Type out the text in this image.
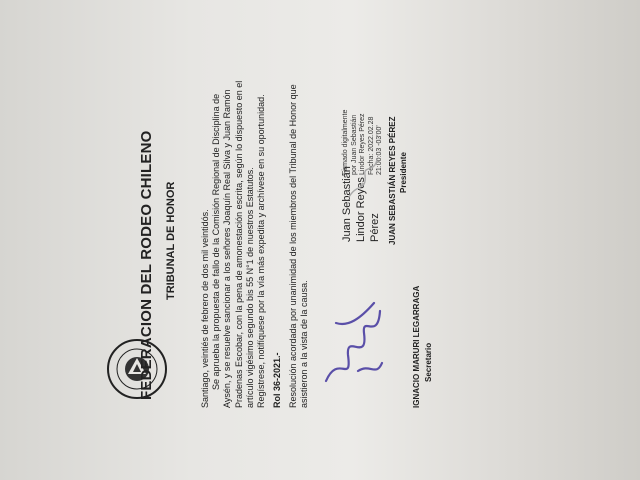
FEDERACION DEL RODEO CHILENO TRIBUNAL DE HONOR	Santiago, veintiés de febrero de dos mil veintidós. Se aprueba la propuesta de fallo de la Comisión Regional de Disciplina de Aysén, y se resuelve sancionar a los señores Joaquín Real Silva y Juan Ramón Pradenas Escobar, con la pena de amonestación escrita, según lo dispuesto en el artículo vigésimo segundo bis 55 N°1 de nuestros Estatutos. Regístrese, notifíquese por la vía más expedita y archívese en su oportunidad. Rol 36-2021.- Resolución acordada por unanimidad de los miembros del Tribunal de Honor que asistieron a la vista de la causa.
Juan Sebastián Lindor Reyes Pérez
Firmado digitalmente por Juan Sebastián Lindor Reyes Pérez Fecha: 2022.02.28 21:00:03 -03'00' JUAN SEBASTIÁN REYES PÉREZ Presidente
IGNACIO MARURI LEGARRAGA Secretario
